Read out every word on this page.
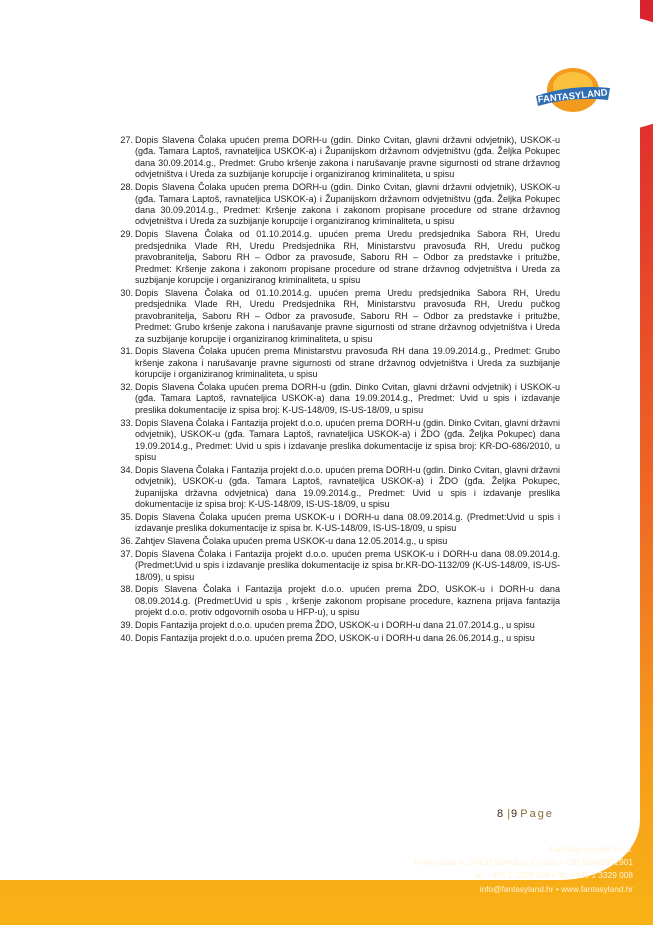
FANTASYLAND
27. Dopis Slavena Čolaka upućen prema DORH-u (gdin. Dinko Cvitan, glavni državni odvjetnik), USKOK-u (gđa. Tamara Laptoš, ravnateljica USKOK-a) i Županijskom državnom odvjetništvu (gđa. Željka Pokupec dana 30.09.2014.g., Predmet: Grubo kršenje zakona i narušavanje pravne sigurnosti od strane državnog odvjetništva i Ureda za suzbijanje korupcije i organiziranog kriminaliteta, u spisu
28. Dopis Slavena Čolaka upućen prema DORH-u (gdin. Dinko Cvitan, glavni državni odvjetnik), USKOK-u (gđa. Tamara Laptoš, ravnateljica USKOK-a) i Županijskom državnom odvjetništvu (gđa. Željka Pokupec dana 30.09.2014.g., Predmet: Kršenje zakona i zakonom propisane procedure od strane državnog odvjetništva i Ureda za suzbijanje korupcije i organiziranog kriminaliteta, u spisu
29. Dopis Slavena Čolaka od 01.10.2014.g. upućen prema Uredu predsjednika Sabora RH, Uredu predsjednika Vlade RH, Uredu Predsjednika RH, Ministarstvu pravosuđa RH, Uredu pučkog pravobranitelja, Saboru RH – Odbor za pravosuđe, Saboru RH – Odbor za predstavke i pritužbe, Predmet: Kršenje zakona i zakonom propisane procedure od strane državnog odvjetništva i Ureda za suzbijanje korupcije i organiziranog kriminaliteta, u spisu
30. Dopis Slavena Čolaka od 01.10.2014.g. upućen prema Uredu predsjednika Sabora RH, Uredu predsjednika Vlade RH, Uredu Predsjednika RH, Ministarstvu pravosuđa RH, Uredu pučkog pravobranitelja, Saboru RH – Odbor za pravosuđe, Saboru RH – Odbor za predstavke i pritužbe, Predmet: Grubo kršenje zakona i narušavanje pravne sigurnosti od strane državnog odvjetništva i Ureda za suzbijanje korupcije i organiziranog kriminaliteta, u spisu
31. Dopis Slavena Čolaka upućen prema Ministarstvu pravosuđa RH dana 19.09.2014.g., Predmet: Grubo kršenje zakona i narušavanje pravne sigurnosti od strane državnog odvjetništva i Ureda za suzbijanje korupcije i organiziranog kriminaliteta, u spisu
32. Dopis Slavena Čolaka upućen prema DORH-u (gdin. Dinko Cvitan, glavni državni odvjetnik) i USKOK-u (gđa. Tamara Laptoš, ravnateljica USKOK-a) dana 19.09.2014.g., Predmet: Uvid u spis i izdavanje preslika dokumentacije iz spisa broj: K-US-148/09, IS-US-18/09, u spisu
33. Dopis Slavena Čolaka i Fantazija projekt d.o.o. upućen prema DORH-u (gdin. Dinko Cvitan, glavni državni odvjetnik), USKOK-u (gđa. Tamara Laptoš, ravnateljica USKOK-a) i ŽDO (gđa. Željka Pokupec) dana 19.09.2014.g., Predmet: Uvid u spis i izdavanje preslika dokumentacije iz spisa broj: KR-DO-686/2010, u spisu
34. Dopis Slavena Čolaka i Fantazija projekt d.o.o. upućen prema DORH-u (gdin. Dinko Cvitan, glavni državni odvjetnik), USKOK-u (gđa. Tamara Laptoš, ravnateljica USKOK-a) i ŽDO (gđa. Željka Pokupec, županijska državna odvjetnica) dana 19.09.2014.g., Predmet: Uvid u spis i izdavanje preslika dokumentacije iz spisa broj: K-US-148/09, IS-US-18/09, u spisu
35. Dopis Slavena Čolaka upućen prema USKOK-u i DORH-u dana 08.09.2014.g. (Predmet:Uvid u spis i izdavanje preslika dokumentacije iz spisa br. K-US-148/09, IS-US-18/09, u spisu
36. Zahtjev Slavena Čolaka upućen prema USKOK-u dana 12.05.2014.g., u spisu
37. Dopis Slavena Čolaka i Fantazija projekt d.o.o. upućen prema USKOK-u i DORH-u dana 08.09.2014.g. (Predmet:Uvid u spis i izdavanje preslika dokumentacije iz spisa br.KR-DO-1132/09 (K-US-148/09, IS-US-18/09), u spisu
38. Dopis Slavena Čolaka i Fantazija projekt d.o.o. upućen prema ŽDO, USKOK-u i DORH-u dana 08.09.2014.g. (Predmet:Uvid u spis , kršenje zakonom propisane procedure, kaznena prijava fantazija projekt d.o.o. protiv odgovornih osoba u HFP-u), u spisu
39. Dopis Fantazija projekt d.o.o. upućen prema ŽDO, USKOK-u i DORH-u dana 21.07.2014.g., u spisu
40. Dopis Fantazija projekt d.o.o. upućen prema ŽDO, USKOK-u i DORH-u dana 26.06.2014.g., u spisu
8 |9 Page
Fantazija projekt d.o.o.
Perkovčeva 9, 10430 Samobor, Croatia • OIB 93493372901
tel. +385 1 3329 000 • fax +385 1 3329 008
info@fantasyland.hr • www.fantasyland.hr
